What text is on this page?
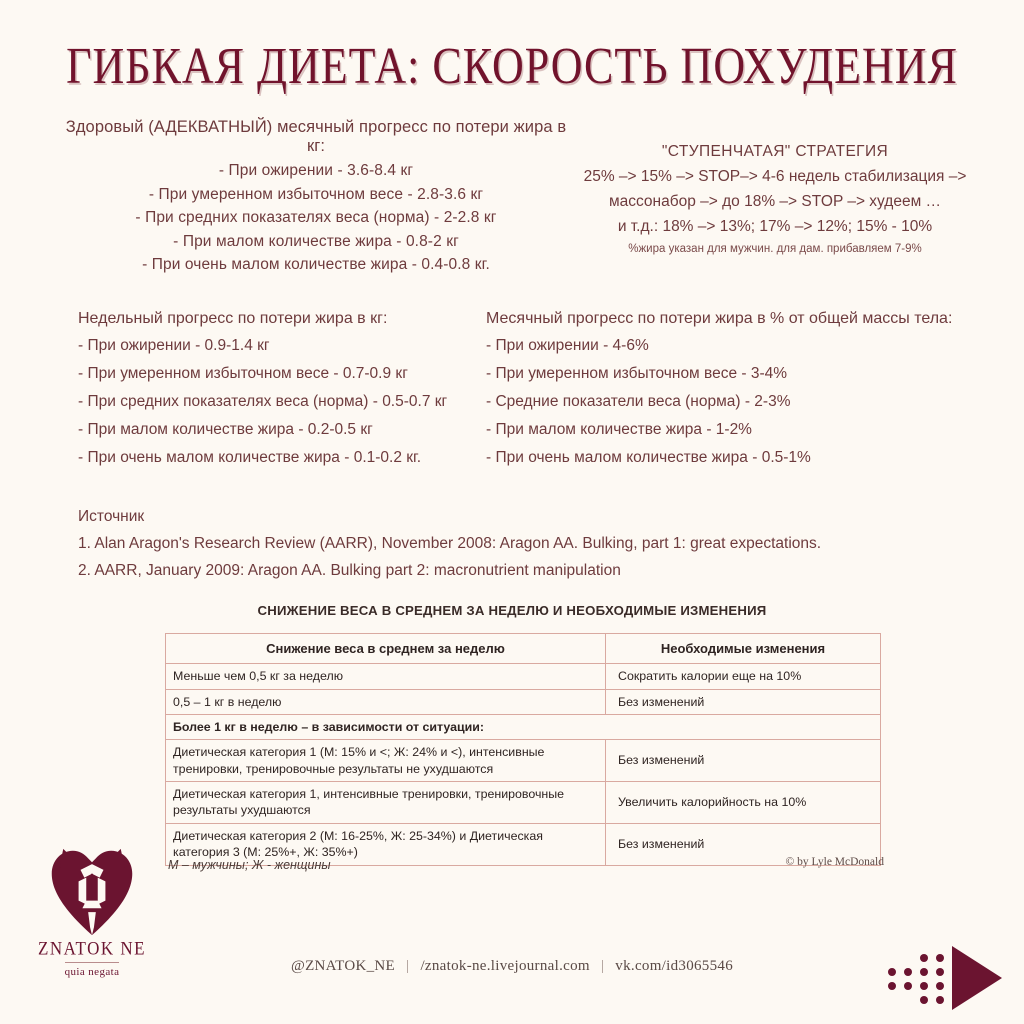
ГИБКАЯ ДИЕТА: СКОРОСТЬ ПОХУДЕНИЯ
Здоровый (АДЕКВАТНЫЙ) месячный прогресс по потери жира в кг:
- При ожирении - 3.6-8.4 кг
- При умеренном избыточном весе - 2.8-3.6 кг
- При средних показателях веса (норма) - 2-2.8 кг
- При малом количестве жира - 0.8-2 кг
- При очень малом количестве жира - 0.4-0.8 кг.
"СТУПЕНЧАТАЯ" СТРАТЕГИЯ
25% –> 15% –> STOP–> 4-6 недель стабилизация –>
массонабор –> до 18% –> STOP –> худеем …
и т.д.: 18% –> 13%; 17% –> 12%; 15% - 10%
%жира указан для мужчин. для дам. прибавляем 7-9%
Недельный прогресс по потери жира в кг:
- При ожирении - 0.9-1.4 кг
- При умеренном избыточном весе - 0.7-0.9 кг
- При средних показателях веса (норма) - 0.5-0.7 кг
- При малом количестве жира - 0.2-0.5 кг
- При очень малом количестве жира - 0.1-0.2 кг.
Месячный прогресс по потери жира в % от общей массы тела:
- При ожирении - 4-6%
- При умеренном избыточном весе - 3-4%
- Средние показатели веса (норма) - 2-3%
- При малом количестве жира - 1-2%
- При очень малом количестве жира - 0.5-1%
Источник
1. Alan Aragon's Research Review (AARR), November 2008: Aragon AA. Bulking, part 1: great expectations.
2. AARR, January 2009: Aragon AA. Bulking part 2: macronutrient manipulation
СНИЖЕНИЕ ВЕСА В СРЕДНЕМ ЗА НЕДЕЛЮ И НЕОБХОДИМЫЕ ИЗМЕНЕНИЯ
Снижение веса в среднем за неделю	Необходимые изменения
Меньше чем 0,5 кг за неделю	Сократить калории еще на 10%
0,5 – 1 кг в неделю	Без изменений
Более 1 кг в неделю – в зависимости от ситуации:	
Диетическая категория 1 (М: 15% и <; Ж: 24% и <), интенсивные тренировки, тренировочные результаты не ухудшаются	Без изменений
Диетическая категория 1, интенсивные тренировки, тренировочные результаты ухудшаются	Увеличить калорийность на 10%
Диетическая категория 2 (М: 16-25%, Ж: 25-34%) и Диетическая категория 3 (М: 25%+, Ж: 35%+)	Без изменений
М – мужчины; Ж - женщины	© by Lyle McDonald
ZNATOK NE
quia negata	@ZNATOK_NE | /znatok-ne.livejournal.com | vk.com/id3065546
